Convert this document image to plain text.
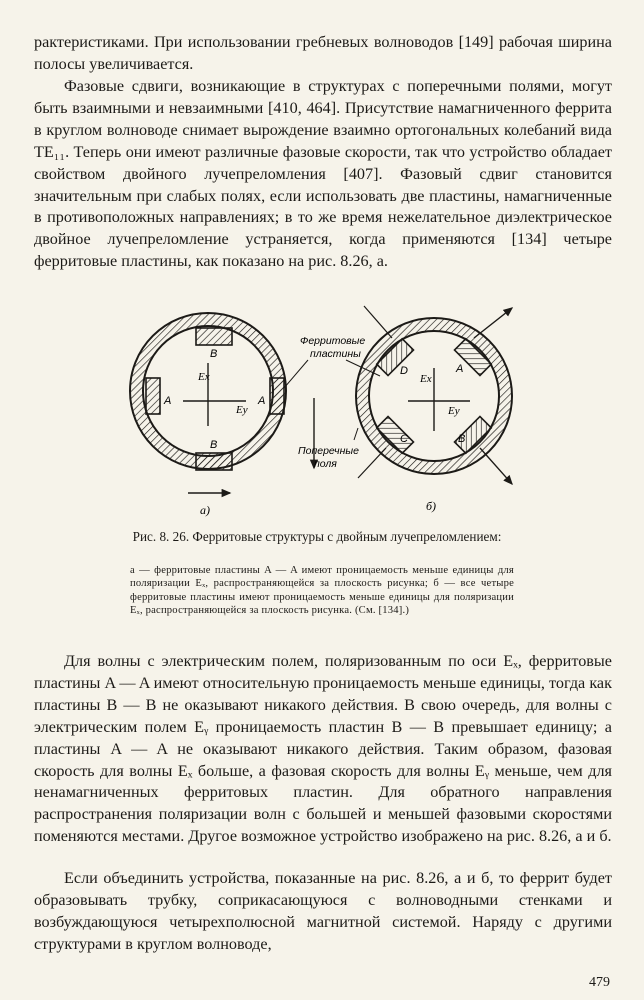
рактеристиками. При использовании гребневых волноводов [149] рабочая ширина полосы увеличивается.

Фазовые сдвиги, возникающие в структурах с поперечными полями, могут быть взаимными и невзаимными [410, 464]. Присутствие намагниченного феррита в круглом волноводе снимает вырождение взаимно ортогональных колебаний вида TE₁₁. Теперь они имеют различные фазовые скорости, так что устройство обладает свойством двойного лучепреломления [407]. Фазовый сдвиг становится значительным при слабых полях, если использовать две пластины, намагниченные в противоположных направлениях; в то же время нежелательное диэлектрическое двойное лучепреломление устраняется, когда применяются [134] четыре ферритовые пластины, как показано на рис. 8.26, а.

B
B
A	A
Ex
Ey
а)
D	A
C	B
Ex
Ey
б)
Ферритовые
пластины
Поперечные
поля
Рис. 8. 26. Ферритовые структуры с двойным лучепреломлением:
а — ферритовые пластины A — A имеют проницаемость меньше единицы для поляризации Eₓ, распространяющейся за плоскость рисунка; б — все четыре ферритовые пластины имеют проницаемость меньше единицы для поляризации Eₓ, распространяющейся за плоскость рисунка. (См. [134].)

Для волны с электрическим полем, поляризованным по оси Eₓ, ферритовые пластины A — A имеют относительную проницаемость меньше единицы, тогда как пластины B — B не оказывают никакого действия. В свою очередь, для волны с электрическим полем Eᵧ проницаемость пластин B — B превышает единицу; а пластины A — A не оказывают никакого действия. Таким образом, фазовая скорость для волны Eₓ больше, а фазовая скорость для волны Eᵧ меньше, чем для ненамагниченных ферритовых пластин. Для обратного направления распространения поляризации волн с большей и меньшей фазовыми скоростями поменяются местами. Другое возможное устройство изображено на рис. 8.26, а и б.

Если объединить устройства, показанные на рис. 8.26, а и б, то феррит будет образовывать трубку, соприкасающуюся с волноводными стенками и возбуждающуюся четырехполюсной магнитной системой. Наряду с другими структурами в круглом волноводе,

479
